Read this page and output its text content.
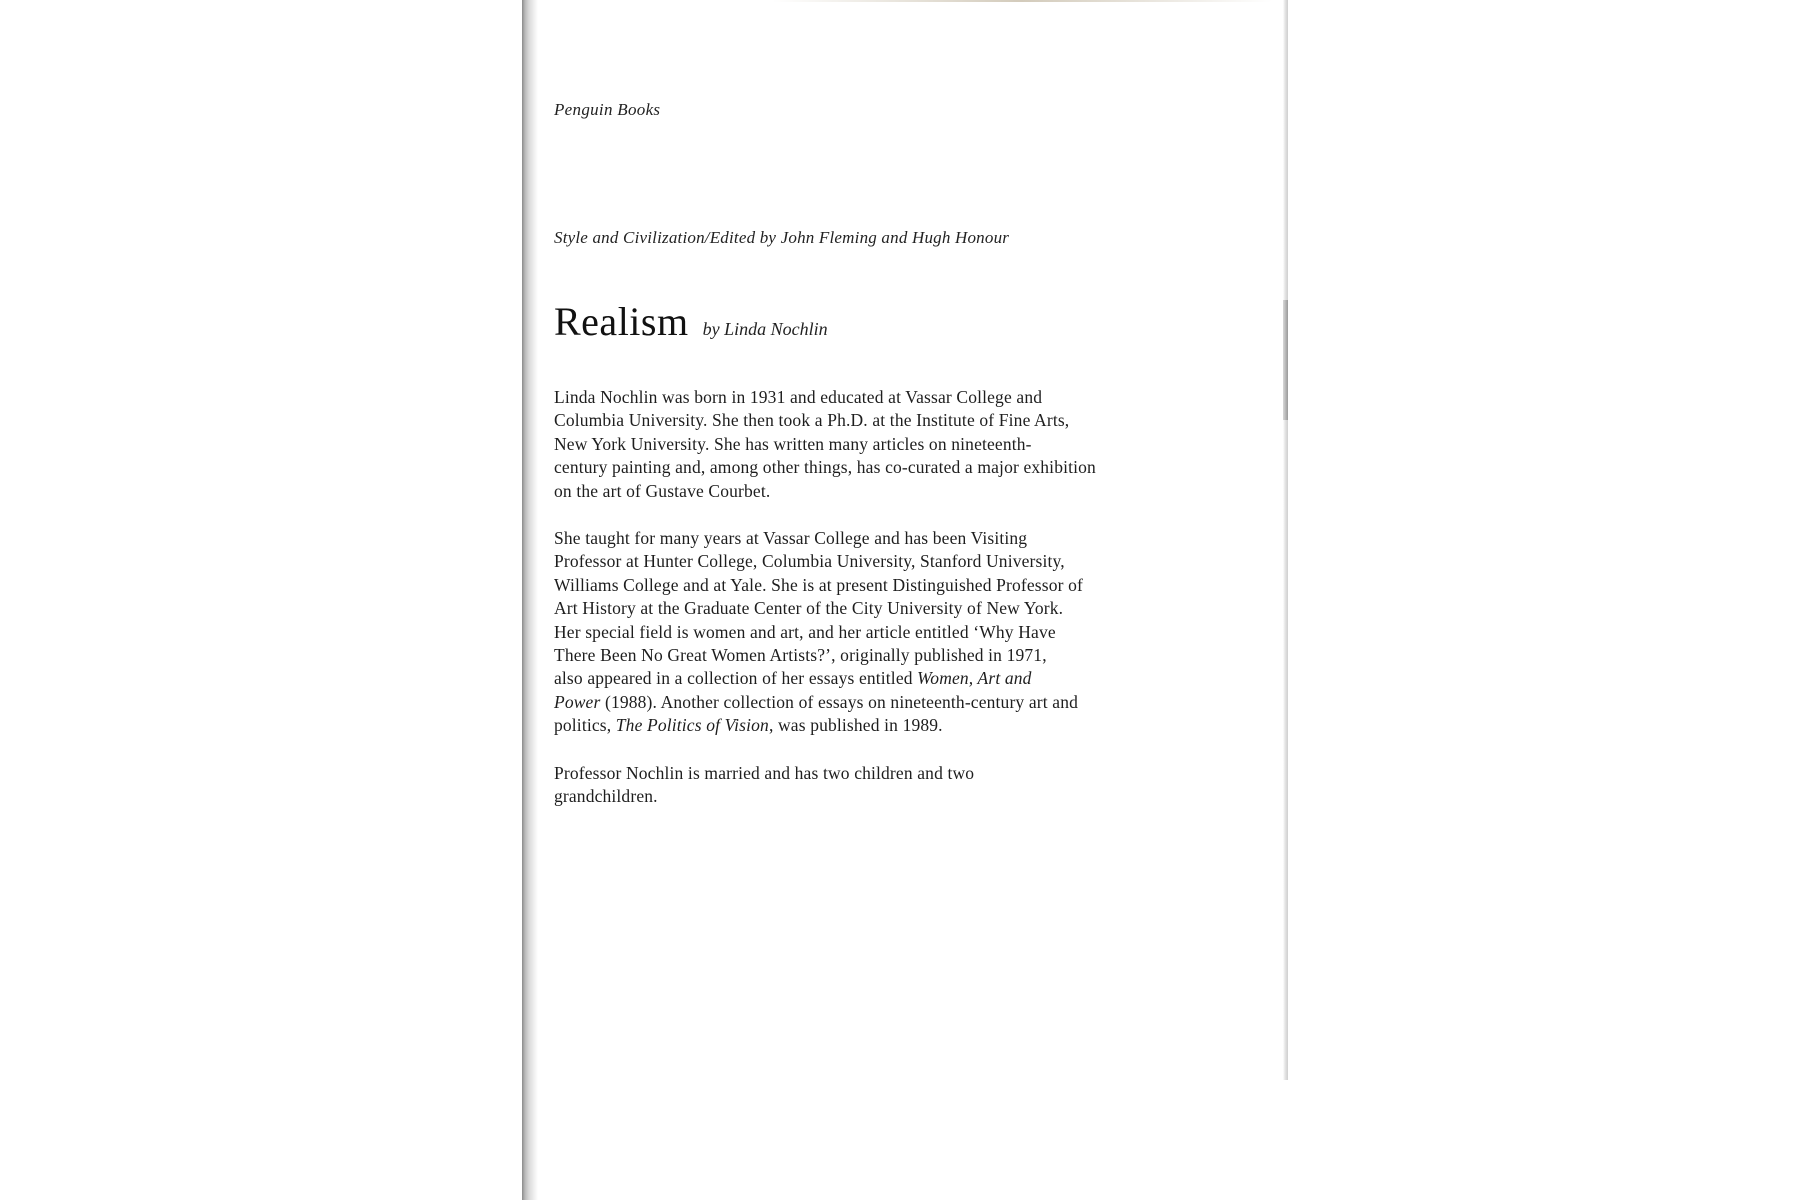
Penguin Books
Style and Civilization/Edited by John Fleming and Hugh Honour
Realism by Linda Nochlin
Linda Nochlin was born in 1931 and educated at Vassar College and
Columbia University. She then took a Ph.D. at the Institute of Fine Arts,
New York University. She has written many articles on nineteenth-
century painting and, among other things, has co-curated a major exhibition
on the art of Gustave Courbet.
She taught for many years at Vassar College and has been Visiting
Professor at Hunter College, Columbia University, Stanford University,
Williams College and at Yale. She is at present Distinguished Professor of
Art History at the Graduate Center of the City University of New York.
Her special field is women and art, and her article entitled ‘Why Have
There Been No Great Women Artists?’, originally published in 1971,
also appeared in a collection of her essays entitled Women, Art and
Power (1988). Another collection of essays on nineteenth-century art and
politics, The Politics of Vision, was published in 1989.
Professor Nochlin is married and has two children and two
grandchildren.
